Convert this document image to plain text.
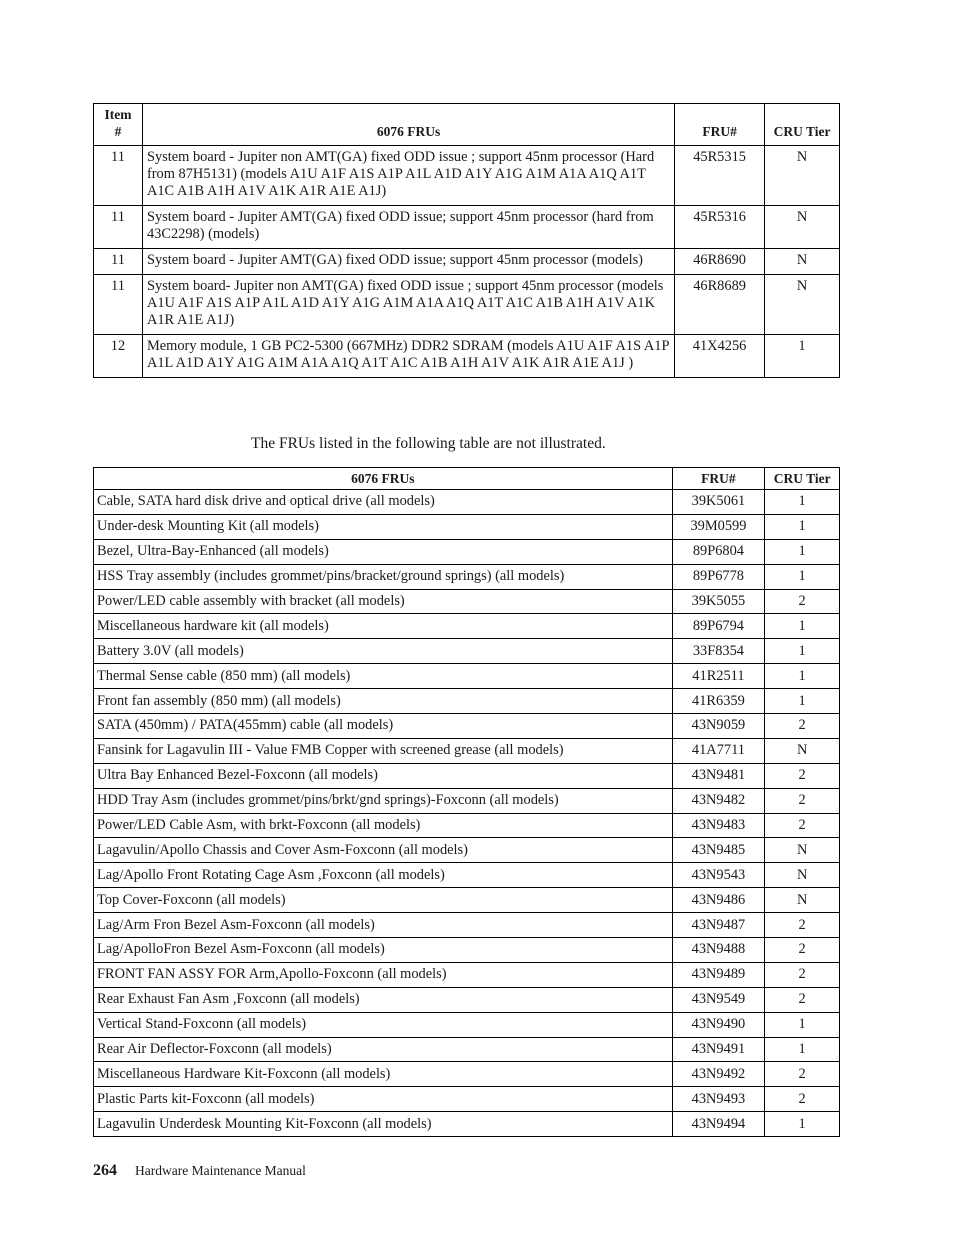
Item
#	6076 FRUs	FRU#	CRU Tier
11	System board - Jupiter non AMT(GA) fixed ODD issue ; support 45nm processor (Hard from 87H5131) (models A1U A1F A1S A1P A1L A1D A1Y A1G A1M A1A A1Q A1T A1C A1B A1H A1V A1K A1R A1E A1J)	45R5315	N
11	System board - Jupiter AMT(GA) fixed ODD issue; support 45nm processor (hard from 43C2298) (models)	45R5316	N
11	System board - Jupiter AMT(GA) fixed ODD issue; support 45nm processor (models)	46R8690	N
11	System board- Jupiter non AMT(GA) fixed ODD issue ; support 45nm processor (models A1U A1F A1S A1P A1L A1D A1Y A1G A1M A1A A1Q A1T A1C A1B A1H A1V A1K A1R A1E A1J)	46R8689	N
12	Memory module, 1 GB PC2-5300 (667MHz) DDR2 SDRAM (models A1U A1F A1S A1P A1L A1D A1Y A1G A1M A1A A1Q A1T A1C A1B A1H A1V A1K A1R A1E A1J )	41X4256	1

The FRUs listed in the following table are not illustrated.

6076 FRUs	FRU#	CRU Tier
Cable, SATA hard disk drive and optical drive (all models)	39K5061	1
Under-desk Mounting Kit (all models)	39M0599	1
Bezel, Ultra-Bay-Enhanced (all models)	89P6804	1
HSS Tray assembly (includes grommet/pins/bracket/ground springs) (all models)	89P6778	1
Power/LED cable assembly with bracket (all models)	39K5055	2
Miscellaneous hardware kit (all models)	89P6794	1
Battery 3.0V (all models)	33F8354	1
Thermal Sense cable (850 mm) (all models)	41R2511	1
Front fan assembly (850 mm) (all models)	41R6359	1
SATA (450mm) / PATA(455mm) cable (all models)	43N9059	2
Fansink for Lagavulin III - Value FMB Copper with screened grease (all models)	41A7711	N
Ultra Bay Enhanced Bezel-Foxconn (all models)	43N9481	2
HDD Tray Asm (includes grommet/pins/brkt/gnd springs)-Foxconn (all models)	43N9482	2
Power/LED Cable Asm, with brkt-Foxconn (all models)	43N9483	2
Lagavulin/Apollo Chassis and Cover Asm-Foxconn (all models)	43N9485	N
Lag/Apollo Front Rotating Cage Asm ,Foxconn (all models)	43N9543	N
Top Cover-Foxconn (all models)	43N9486	N
Lag/Arm Fron Bezel Asm-Foxconn (all models)	43N9487	2
Lag/ApolloFron Bezel Asm-Foxconn (all models)	43N9488	2
FRONT FAN ASSY FOR Arm,Apollo-Foxconn (all models)	43N9489	2
Rear Exhaust Fan Asm ,Foxconn (all models)	43N9549	2
Vertical Stand-Foxconn (all models)	43N9490	1
Rear Air Deflector-Foxconn (all models)	43N9491	1
Miscellaneous Hardware Kit-Foxconn (all models)	43N9492	2
Plastic Parts kit-Foxconn (all models)	43N9493	2
Lagavulin Underdesk Mounting Kit-Foxconn (all models)	43N9494	1
264 Hardware Maintenance Manual
